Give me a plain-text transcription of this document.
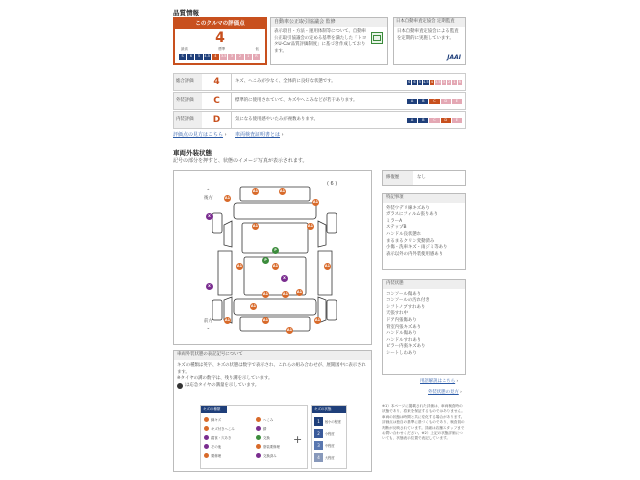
品質情報
このクルマの評価点
4
最高	標準	低
S	6	5	4.5	4	3.5	3	2	1	R
自動車公正取引協議会 監修
表示項目・方法・運用体制等について、自動車公正取引協議会の定める基準を満たした「トヨタU-Car品質評価制度」に基づき作成しております。
日本自動車査定協会 定期監査
日本自動車査定協会による監査を定期的に実施しています。
JAAI
総合評価	4	キズ、へこみが少なく、全体的に良好な状態です。	S 6 5 4.5 4 3.5 3 2 1 R
外装評価	C	標準的に使用されていて、キズやへこみなどが若干あります。	A	B	C	D	E
内装評価	D	気になる使用感やいたみが複数あります。	A	B	C	D	E
評価点の見方はこちら › 車両検査証明書とは ›
車両外装状態
記号の部分を押すと、状態のイメージ写真が表示されます。
⌃
後方
前方
⌄
( 6 )
A1	A1
A1
A1
A1	A1
X
X
P
P
A1	A1	A1
X
A1	A1	A1
A1
A1	A1	A1
A1
修復歴	なし
特記事項
外装ウデリ線キズあり
ガラスにフィルム張りあり
ミラーA
ステップB
ハンドル良状態れ
まるまるクリン変動済み
小傷・洗車キズ・雨ジミ等あり
表示以外の内外装使用感あり
内装状態
コンソール傷あり
コンソールの汚れ付き
シフトノブすれあり
天張すれ中
ドア内張傷あり
背室内張キズあり
ハンドル傷あり
ハンドルすれあり
ピラー内張キズあり
シートしわあり
用語解説はこちら ›
外装状態の見方 ›
車両外装状態の表記記号について
キズの種類は英字、キズの状態は数字で表示され、これらの組み合わせが、展開図中に表示されます。
※タイヤの溝の数字は、残り溝を示しています。
は応急タイヤの溝量を示しています。
キズの種類
線キズ	へこみ
キズ付きへこみ	錆
腐食・穴あき	交換
その他	塗装要修理
要修理	交換済み
+
キズの状態
1	極小の程度
2	小程度
3	中程度
4	大程度
※1）本ページに掲載された評価は、車両検査時の状態であり、将来を保証するものではありません。車両の状態は時間と共に変化する場合があります。評価点は独自の基準に基づくものであり、検査員の判断が反映されています。詳細は店舗スタッフまでお問い合わせください。※2）上記の状態評価についても、状態表示位置で表記しています。
